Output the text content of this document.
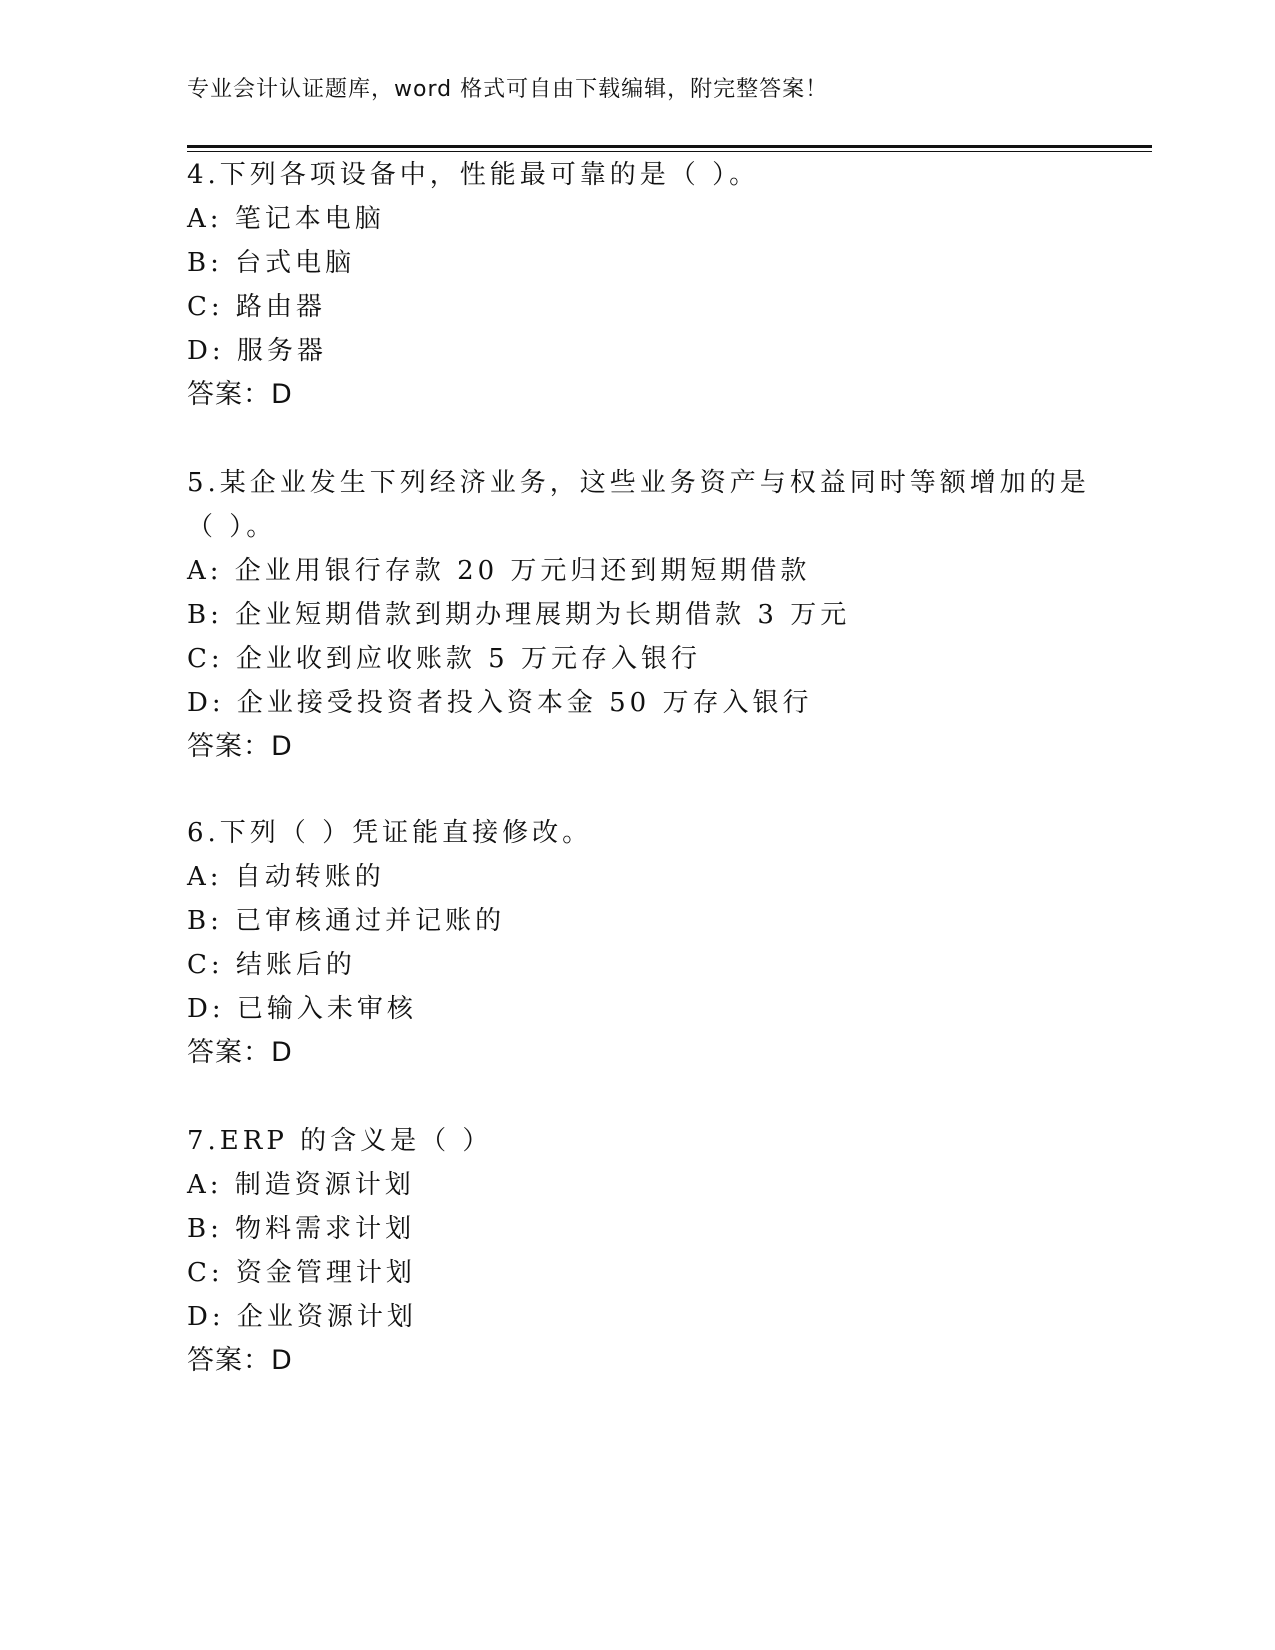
专业会计认证题库，word 格式可自由下载编辑，附完整答案！
4.下列各项设备中，性能最可靠的是（ ）。
A: 笔记本电脑
B: 台式电脑
C: 路由器
D: 服务器
答案：D
5.某企业发生下列经济业务，这些业务资产与权益同时等额增加的是
（ ）。
A: 企业用银行存款 20 万元归还到期短期借款
B: 企业短期借款到期办理展期为长期借款 3 万元
C: 企业收到应收账款 5 万元存入银行
D: 企业接受投资者投入资本金 50 万存入银行
答案：D
6.下列（ ）凭证能直接修改。
A: 自动转账的
B: 已审核通过并记账的
C: 结账后的
D: 已输入未审核
答案：D
7.ERP 的含义是（ ）
A: 制造资源计划
B: 物料需求计划
C: 资金管理计划
D: 企业资源计划
答案：D
